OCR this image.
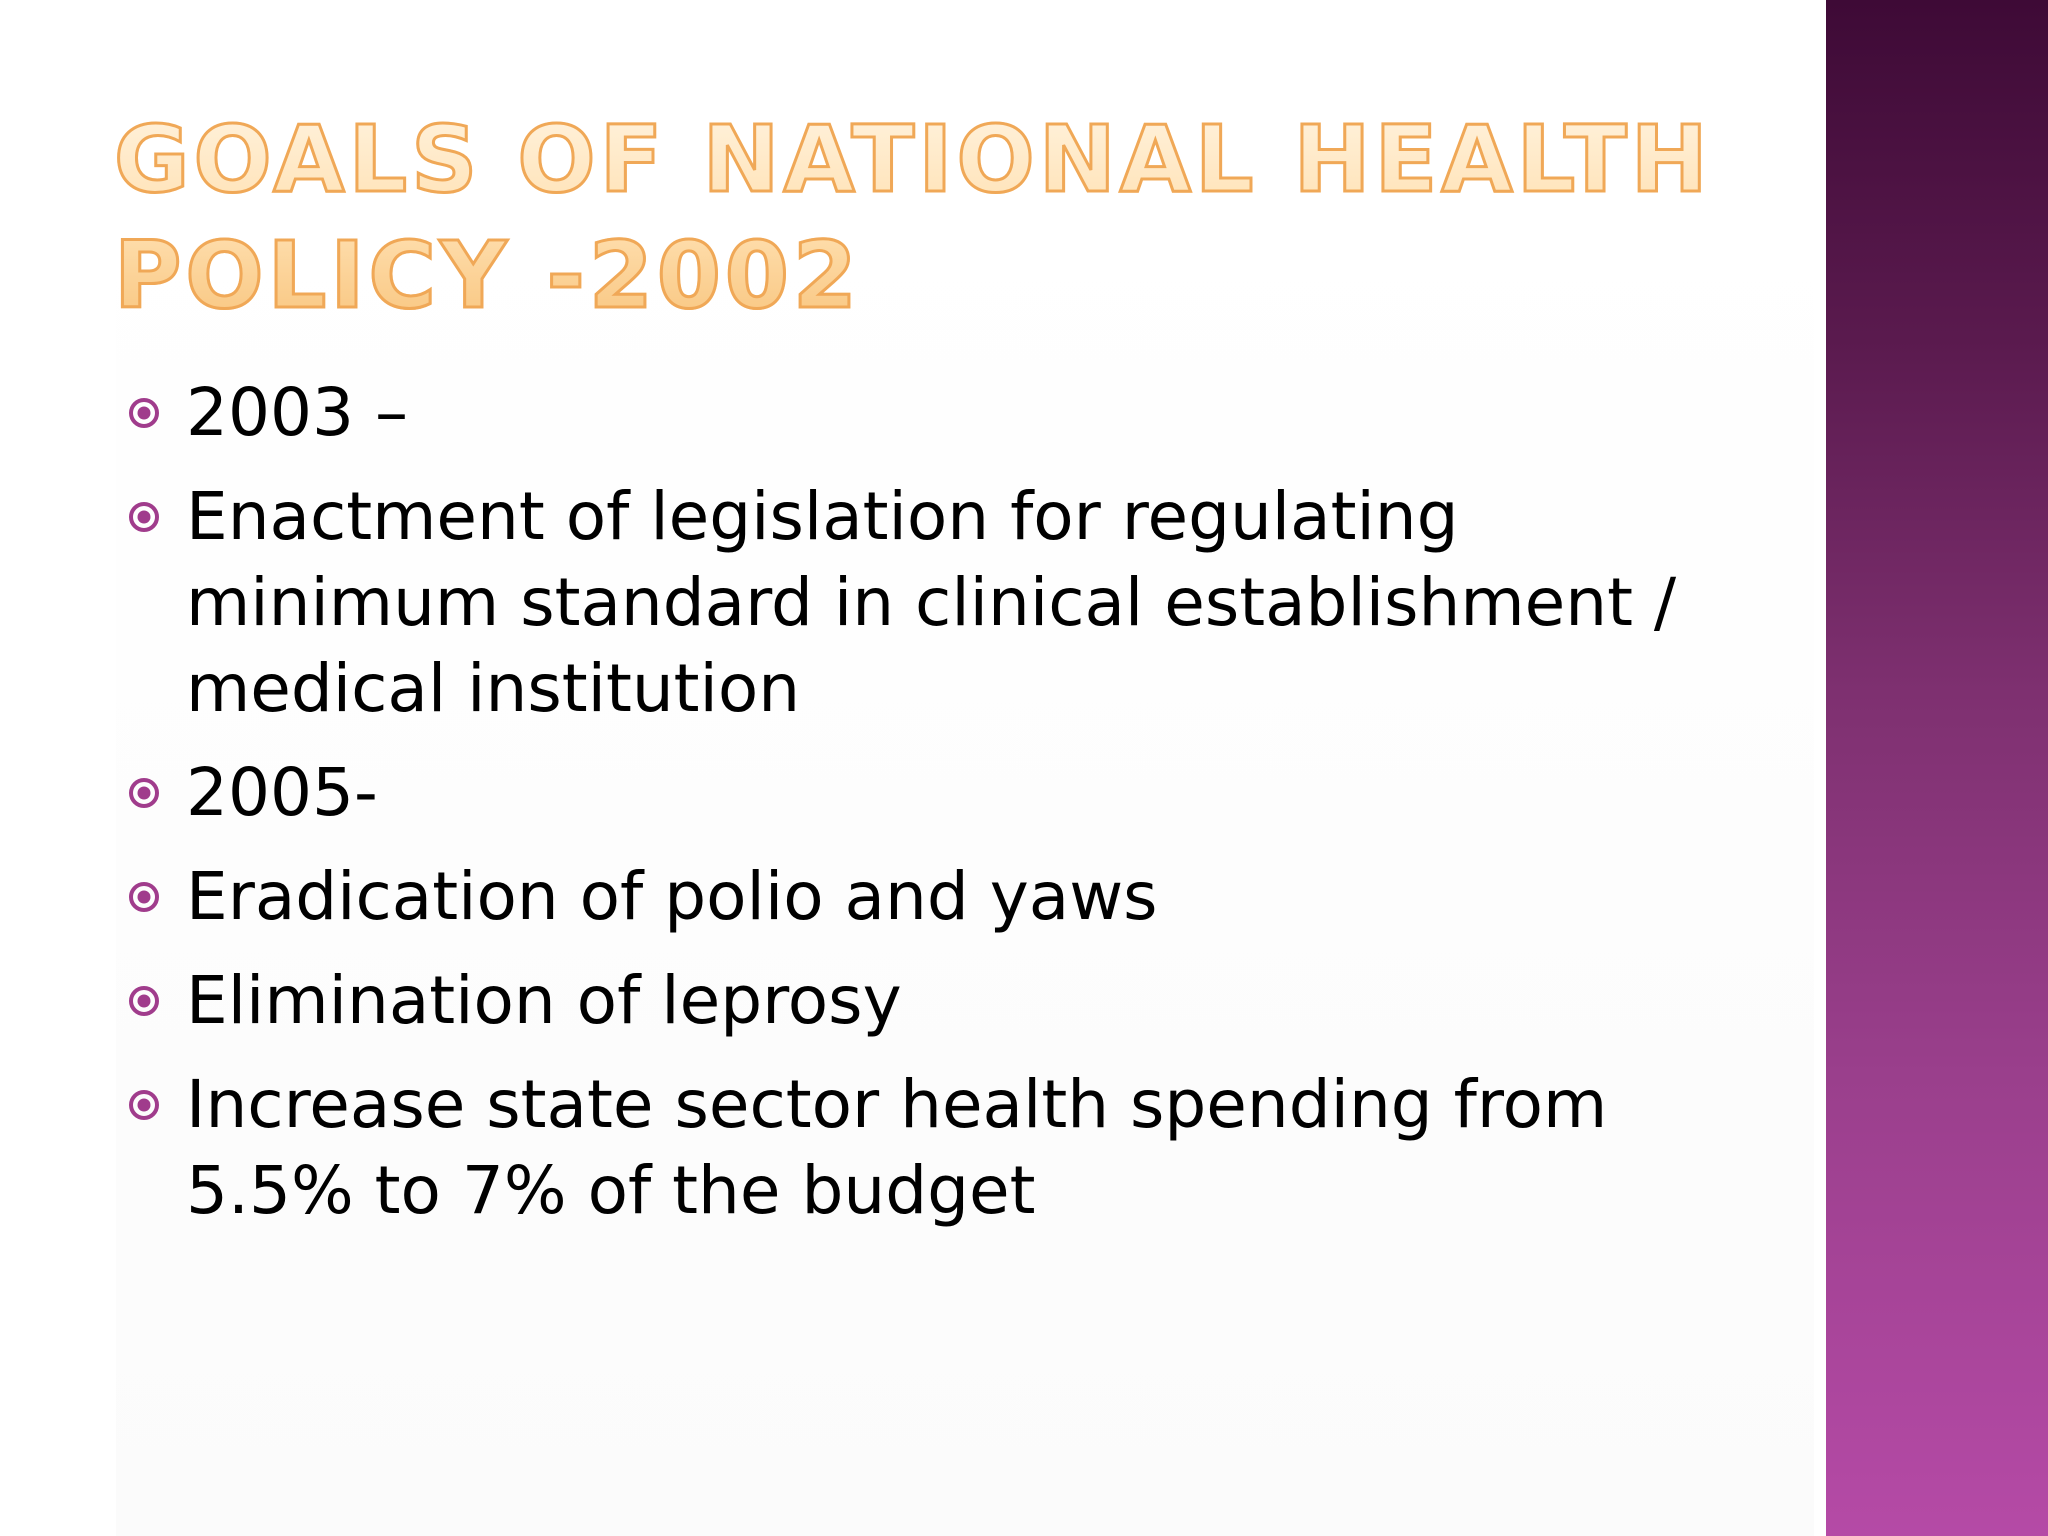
GOALS OF NATIONAL HEALTH POLICY -2002
2003 –
Enactment of legislation for regulating minimum standard in clinical establishment / medical institution
2005-
Eradication of polio and yaws
Elimination of leprosy
Increase state sector health spending from 5.5% to 7% of the budget
